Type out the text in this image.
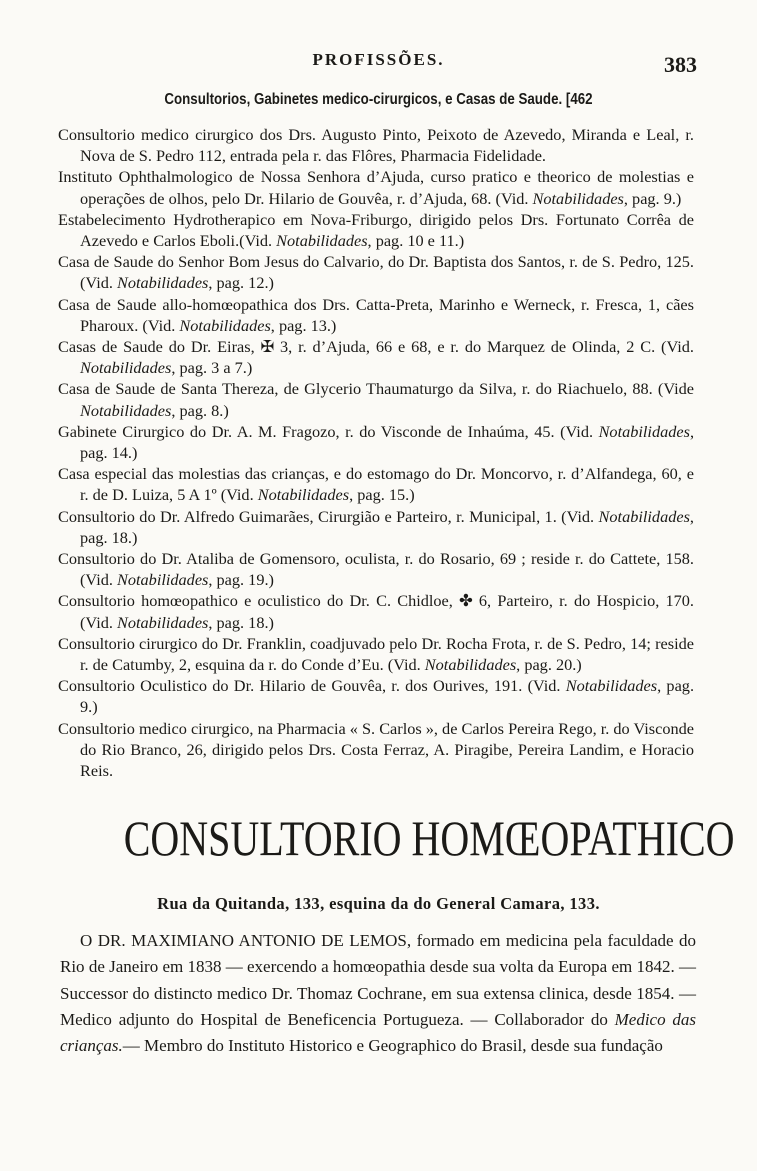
PROFISSÕES.	383
Consultorios, Gabinetes medico-cirurgicos, e Casas de Saude. [462
Consultorio medico cirurgico dos Drs. Augusto Pinto, Peixoto de Azevedo, Miranda e Leal, r. Nova de S. Pedro 112, entrada pela r. das Flôres, Pharmacia Fidelidade.
Instituto Ophthalmologico de Nossa Senhora d’Ajuda, curso pratico e theorico de molestias e operações de olhos, pelo Dr. Hilario de Gouvêa, r. d’Ajuda, 68. (Vid. Notabilidades, pag. 9.)
Estabelecimento Hydrotherapico em Nova-Friburgo, dirigido pelos Drs. Fortunato Corrêa de Azevedo e Carlos Eboli.(Vid. Notabilidades, pag. 10 e 11.)
Casa de Saude do Senhor Bom Jesus do Calvario, do Dr. Baptista dos Santos, r. de S. Pedro, 125. (Vid. Notabilidades, pag. 12.)
Casa de Saude allo-homœopathica dos Drs. Catta-Preta, Marinho e Werneck, r. Fresca, 1, cães Pharoux. (Vid. Notabilidades, pag. 13.)
Casas de Saude do Dr. Eiras, ✠ 3, r. d’Ajuda, 66 e 68, e r. do Marquez de Olinda, 2 C. (Vid. Notabilidades, pag. 3 a 7.)
Casa de Saude de Santa Thereza, de Glycerio Thaumaturgo da Silva, r. do Riachuelo, 88. (Vide Notabilidades, pag. 8.)
Gabinete Cirurgico do Dr. A. M. Fragozo, r. do Visconde de Inhaúma, 45. (Vid. Notabilidades, pag. 14.)
Casa especial das molestias das crianças, e do estomago do Dr. Moncorvo, r. d’Alfandega, 60, e r. de D. Luiza, 5 A 1º (Vid. Notabilidades, pag. 15.)
Consultorio do Dr. Alfredo Guimarães, Cirurgião e Parteiro, r. Municipal, 1. (Vid. Notabilidades, pag. 18.)
Consultorio do Dr. Ataliba de Gomensoro, oculista, r. do Rosario, 69 ; reside r. do Cattete, 158. (Vid. Notabilidades, pag. 19.)
Consultorio homœopathico e oculistico do Dr. C. Chidloe, ✤ 6, Parteiro, r. do Hospicio, 170. (Vid. Notabilidades, pag. 18.)
Consultorio cirurgico do Dr. Franklin, coadjuvado pelo Dr. Rocha Frota, r. de S. Pedro, 14; reside r. de Catumby, 2, esquina da r. do Conde d’Eu. (Vid. Notabilidades, pag. 20.)
Consultorio Oculistico do Dr. Hilario de Gouvêa, r. dos Ourives, 191. (Vid. Notabilidades, pag. 9.)
Consultorio medico cirurgico, na Pharmacia « S. Carlos », de Carlos Pereira Rego, r. do Visconde do Rio Branco, 26, dirigido pelos Drs. Costa Ferraz, A. Piragibe, Pereira Landim, e Horacio Reis.
CONSULTORIO HOMŒOPATHICO
Rua da Quitanda, 133, esquina da do General Camara, 133.
O DR. MAXIMIANO ANTONIO DE LEMOS, formado em medicina pela faculdade do Rio de Janeiro em 1838 — exercendo a homœopathia desde sua volta da Europa em 1842. — Successor do distincto medico Dr. Thomaz Cochrane, em sua extensa clinica, desde 1854. — Medico adjunto do Hospital de Beneficencia Portugueza. — Collaborador do Medico das crianças.— Membro do Instituto Historico e Geographico do Brasil, desde sua fundação
